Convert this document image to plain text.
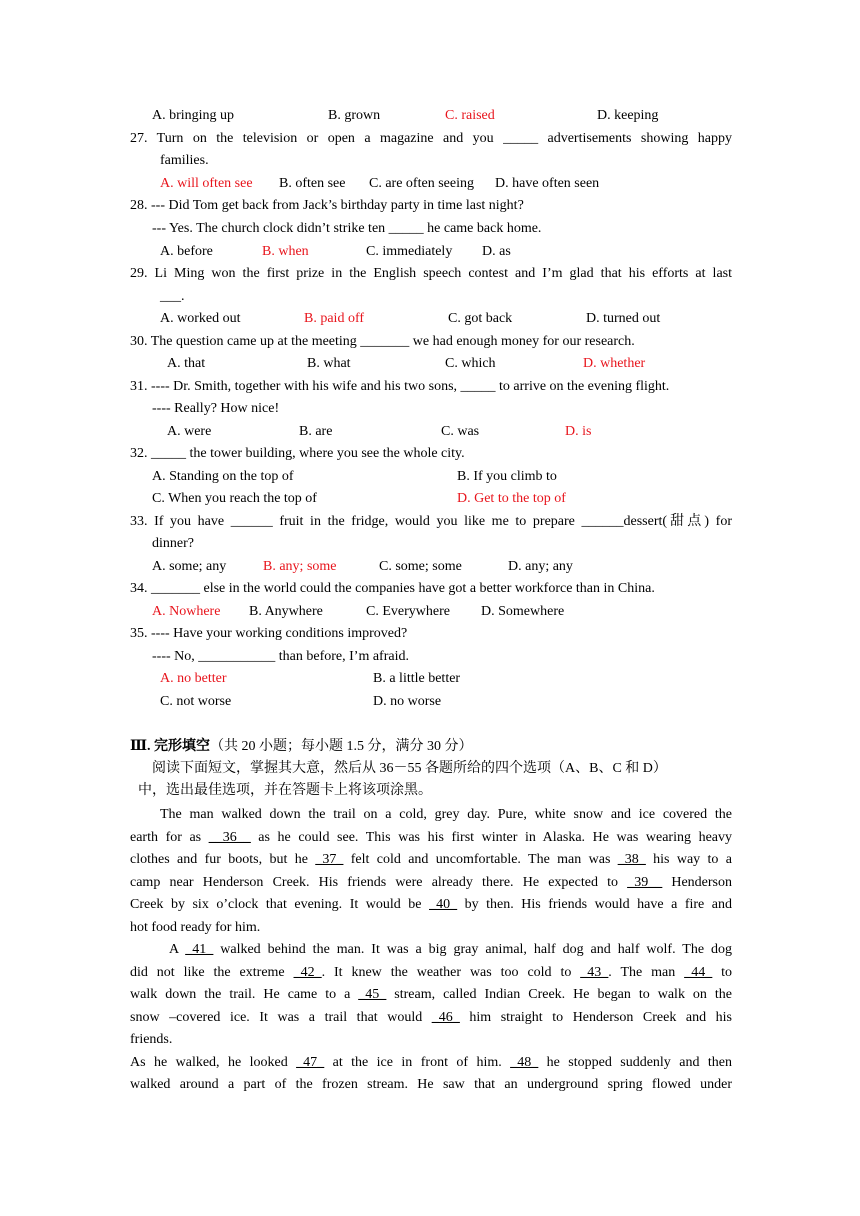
A. bringing up	B. grown	C. raised	D. keeping
27. Turn on the television or open a magazine and you _____ advertisements showing happy
families.
A. will often see B. often see C. are often seeing D. have often seen
28. --- Did Tom get back from Jack’s birthday party in time last night?
--- Yes. The church clock didn’t strike ten _____ he came back home.
A. before	B. when	C. immediately D. as
29. Li Ming won the first prize in the English speech contest and I’m glad that his efforts at last
___.
A. worked out	B. paid off	C. got back	D. turned out
30. The question came up at the meeting _______ we had enough money for our research.
A. that	B. what	C. which	D. whether
31. ---- Dr. Smith, together with his wife and his two sons, _____ to arrive on the evening flight.
---- Really? How nice!
A. were	B. are	C. was	D. is
32. _____ the tower building, where you see the whole city.
A. Standing on the top of	B. If you climb to
C. When you reach the top of	D. Get to the top of
33. If you have ______ fruit in the fridge, would you like me to prepare ______dessert(甜点) for
dinner?
A. some; any	B. any; some	C. some; some	D. any; any
34. _______ else in the world could the companies have got a better workforce than in China.
A. Nowhere B. Anywhere	C. Everywhere D. Somewhere
35. ---- Have your working conditions improved?
---- No, ___________ than before, I’m afraid.
A. no better	B. a little better
C. not worse	D. no worse
Ⅲ. 完形填空（共 20 小题；每小题 1.5 分，满分 30 分）
阅读下面短文，掌握其大意，然后从 36－55 各题所给的四个选项（A、B、C 和 D）
中，选出最佳选项，并在答题卡上将该项涂黑。
The man walked down the trail on a cold, grey day. Pure, white snow and ice covered the
earth for as __36__ as he could see. This was his first winter in Alaska. He was wearing heavy
clothes and fur boots, but he _37_ felt cold and uncomfortable. The man was _38_ his way to a
camp near Henderson Creek. His friends were already there. He expected to _39__ Henderson
Creek by six o’clock that evening. It would be _40_ by then. His friends would have a fire and
hot food ready for him.
A _41_ walked behind the man. It was a big gray animal, half dog and half wolf. The dog
did not like the extreme _42_. It knew the weather was too cold to _43_. The man _44_ to
walk down the trail. He came to a _45_ stream, called Indian Creek. He began to walk on the
snow –covered ice. It was a trail that would _46_ him straight to Henderson Creek and his
friends.
As he walked, he looked _47_ at the ice in front of him. _48_ he stopped suddenly and then
walked around a part of the frozen stream. He saw that an underground spring flowed under
